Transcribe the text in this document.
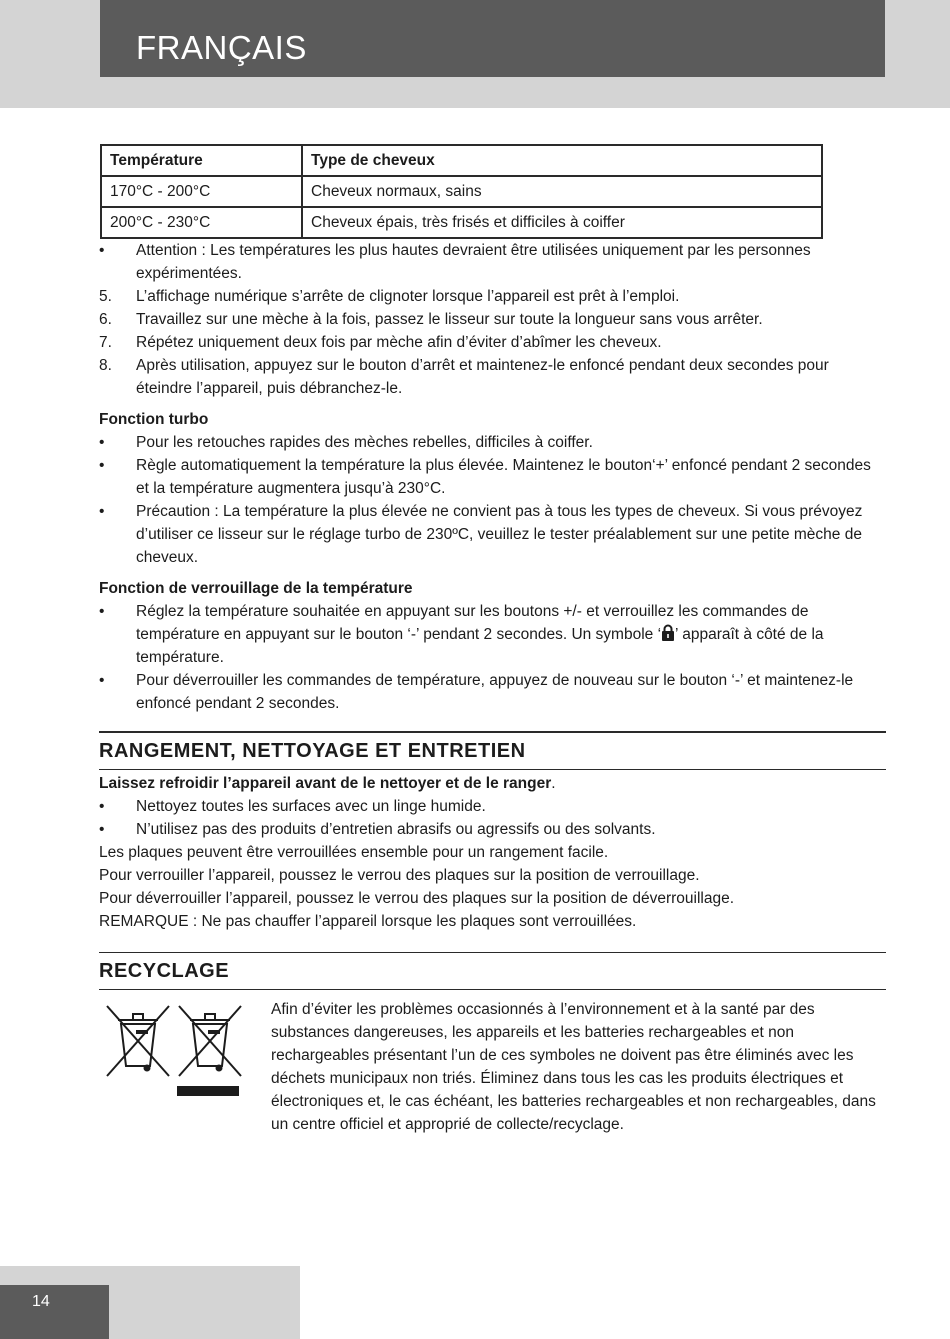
FRANÇAIS
Température	Type de cheveux
170°C - 200°C	Cheveux normaux, sains
200°C - 230°C	Cheveux épais, très frisés et difficiles à coiffer
•	Attention : Les températures les plus hautes devraient être utilisées uniquement par les personnes expérimentées.
5.	L’affichage numérique s’arrête de clignoter lorsque l’appareil est prêt à l’emploi.
6.	Travaillez sur une mèche à la fois, passez le lisseur sur toute la longueur sans vous arrêter.
7.	Répétez uniquement deux fois par mèche afin d’éviter d’abîmer les cheveux.
8.	Après utilisation, appuyez sur le bouton d’arrêt et maintenez-le enfoncé pendant deux secondes pour éteindre l’appareil, puis débranchez-le.
Fonction turbo
•	Pour les retouches rapides des mèches rebelles, difficiles à coiffer.
•	Règle automatiquement la température la plus élevée. Maintenez le bouton‘+’ enfoncé pendant 2 secondes et la température augmentera jusqu’à 230°C.
•	Précaution : La température la plus élevée ne convient pas à tous les types de cheveux. Si vous prévoyez d’utiliser ce lisseur sur le réglage turbo de 230ºC, veuillez le tester préalablement sur une petite mèche de cheveux.
Fonction de verrouillage de la température
•	Réglez la température souhaitée en appuyant sur les boutons +/- et verrouillez les commandes de température en appuyant sur le bouton ‘-’ pendant 2 secondes. Un symbole ‘ ’ apparaît à côté de la température.
•	Pour déverrouiller les commandes de température, appuyez de nouveau sur le bouton ‘-’ et maintenez-le enfoncé pendant 2 secondes.
RANGEMENT, NETTOYAGE ET ENTRETIEN
Laissez refroidir l’appareil avant de le nettoyer et de le ranger.
•	Nettoyez toutes les surfaces avec un linge humide.
•	N’utilisez pas des produits d’entretien abrasifs ou agressifs ou des solvants.
Les plaques peuvent être verrouillées ensemble pour un rangement facile.
Pour verrouiller l’appareil, poussez le verrou des plaques sur la position de verrouillage.
Pour déverrouiller l’appareil, poussez le verrou des plaques sur la position de déverrouillage.
REMARQUE : Ne pas chauffer l’appareil lorsque les plaques sont verrouillées.
RECYCLAGE
Afin d’éviter les problèmes occasionnés à l’environnement et à la santé par des substances dangereuses, les appareils et les batteries rechargeables et non rechargeables présentant l’un de ces symboles ne doivent pas être éliminés avec les déchets municipaux non triés. Éliminez dans tous les cas les produits électriques et électroniques et, le cas échéant, les batteries rechargeables et non rechargeables, dans un centre officiel et approprié de collecte/recyclage.
14
